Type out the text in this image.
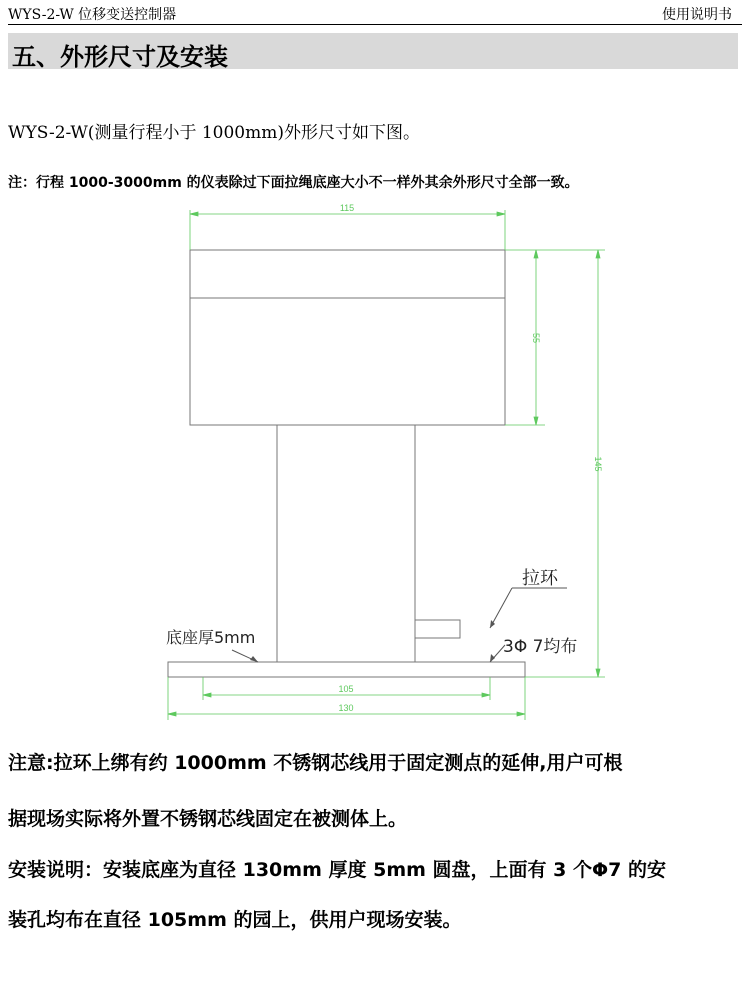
WYS-2-W 位移变送控制器	使用说明书
五、外形尺寸及安装
WYS-2-W(测量行程小于 1000mm)外形尺寸如下图。
注：行程 1000-3000mm 的仪表除过下面拉绳底座大小不一样外其余外形尺寸全部一致。
115
55
145
105
130
拉环
3Φ 7均布
底座厚5mm
注意:拉环上绑有约 1000mm 不锈钢芯线用于固定测点的延伸,用户可根
据现场实际将外置不锈钢芯线固定在被测体上。
安装说明：安装底座为直径 130mm 厚度 5mm 圆盘，上面有 3 个Φ7 的安
装孔均布在直径 105mm 的园上，供用户现场安装。
